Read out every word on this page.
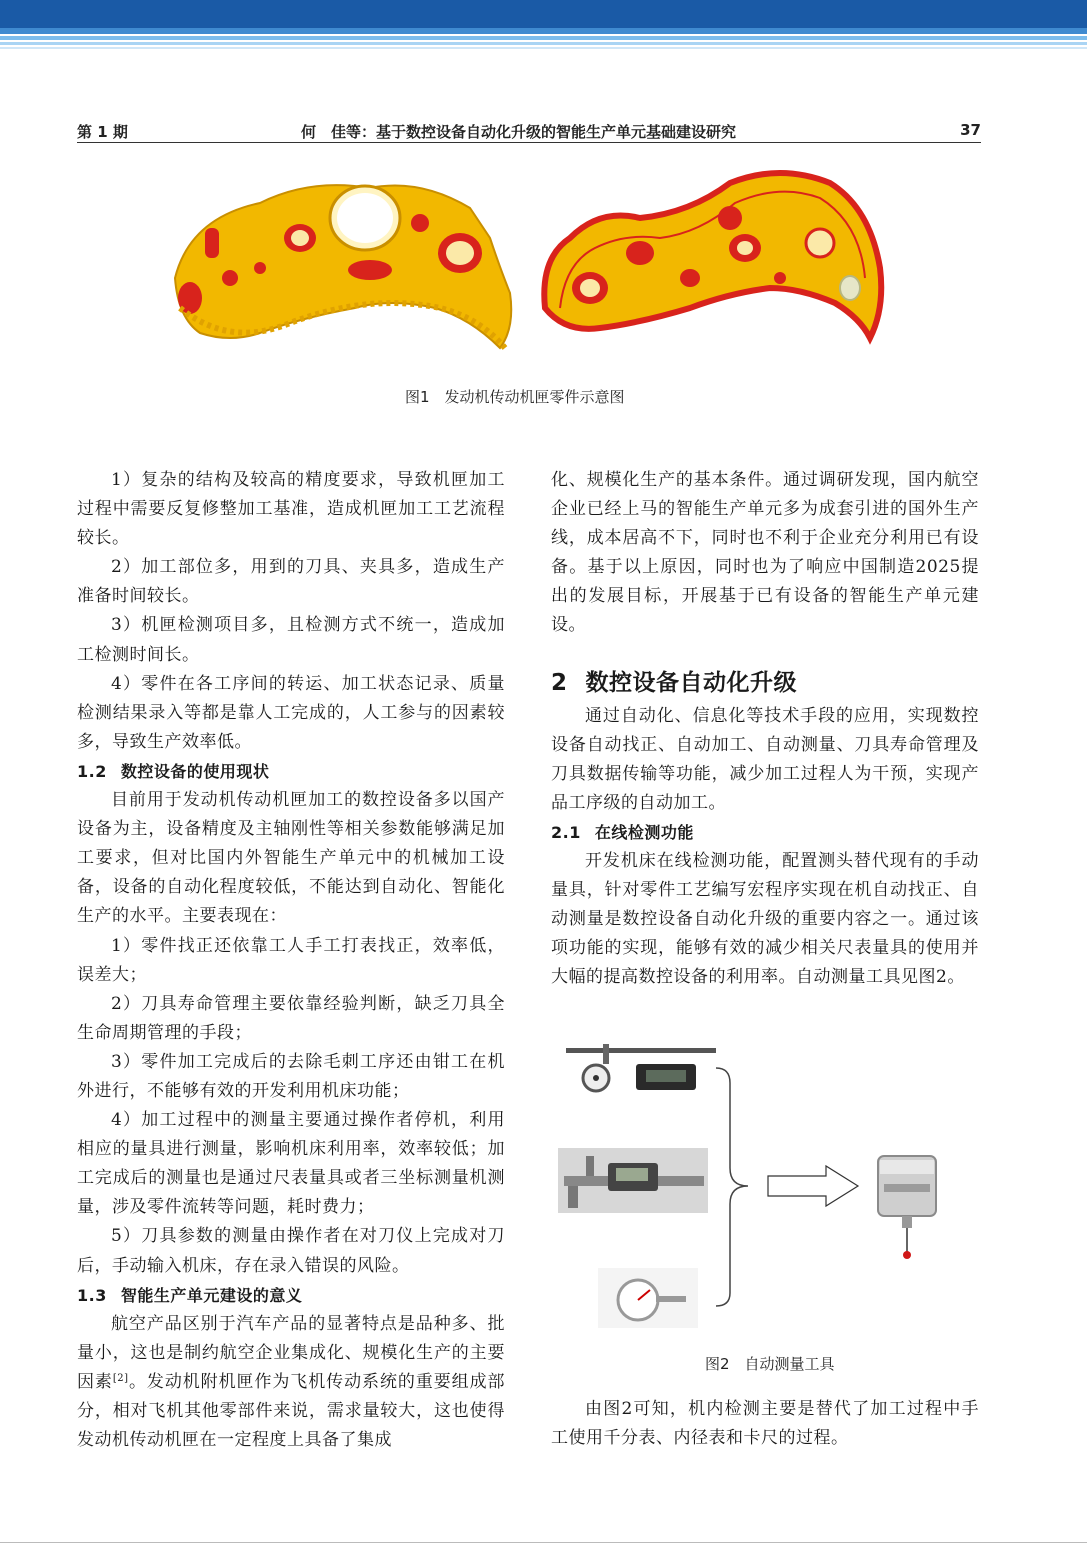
第 1 期	何　佳等：基于数控设备自动化升级的智能生产单元基础建设研究	37
图1　发动机传动机匣零件示意图

1）复杂的结构及较高的精度要求，导致机匣加工过程中需要反复修整加工基准，造成机匣加工工艺流程较长。

2）加工部位多，用到的刀具、夹具多，造成生产准备时间较长。

3）机匣检测项目多，且检测方式不统一，造成加工检测时间长。

4）零件在各工序间的转运、加工状态记录、质量检测结果录入等都是靠人工完成的，人工参与的因素较多，导致生产效率低。

1.2 数控设备的使用现状

目前用于发动机传动机匣加工的数控设备多以国产设备为主，设备精度及主轴刚性等相关参数能够满足加工要求，但对比国内外智能生产单元中的机械加工设备，设备的自动化程度较低，不能达到自动化、智能化生产的水平。主要表现在：

1）零件找正还依靠工人手工打表找正，效率低，误差大；

2）刀具寿命管理主要依靠经验判断，缺乏刀具全生命周期管理的手段；

3）零件加工完成后的去除毛刺工序还由钳工在机外进行，不能够有效的开发利用机床功能；

4）加工过程中的测量主要通过操作者停机，利用相应的量具进行测量，影响机床利用率，效率较低；加工完成后的测量也是通过尺表量具或者三坐标测量机测量，涉及零件流转等问题，耗时费力；

5）刀具参数的测量由操作者在对刀仪上完成对刀后，手动输入机床，存在录入错误的风险。

1.3 智能生产单元建设的意义

航空产品区别于汽车产品的显著特点是品种多、批量小，这也是制约航空企业集成化、规模化生产的主要因素[2]。发动机附机匣作为飞机传动系统的重要组成部分，相对飞机其他零部件来说，需求量较大，这也使得发动机传动机匣在一定程度上具备了集成

化、规模化生产的基本条件。通过调研发现，国内航空企业已经上马的智能生产单元多为成套引进的国外生产线，成本居高不下，同时也不利于企业充分利用已有设备。基于以上原因，同时也为了响应中国制造2025提出的发展目标，开展基于已有设备的智能生产单元建设。

2 数控设备自动化升级

通过自动化、信息化等技术手段的应用，实现数控设备自动找正、自动加工、自动测量、刀具寿命管理及刀具数据传输等功能，减少加工过程人为干预，实现产品工序级的自动加工。

2.1 在线检测功能

开发机床在线检测功能，配置测头替代现有的手动量具，针对零件工艺编写宏程序实现在机自动找正、自动测量是数控设备自动化升级的重要内容之一。通过该项功能的实现，能够有效的减少相关尺表量具的使用并大幅的提高数控设备的利用率。自动测量工具见图2。

图2　自动测量工具

由图2可知，机内检测主要是替代了加工过程中手工使用千分表、内径表和卡尺的过程。
